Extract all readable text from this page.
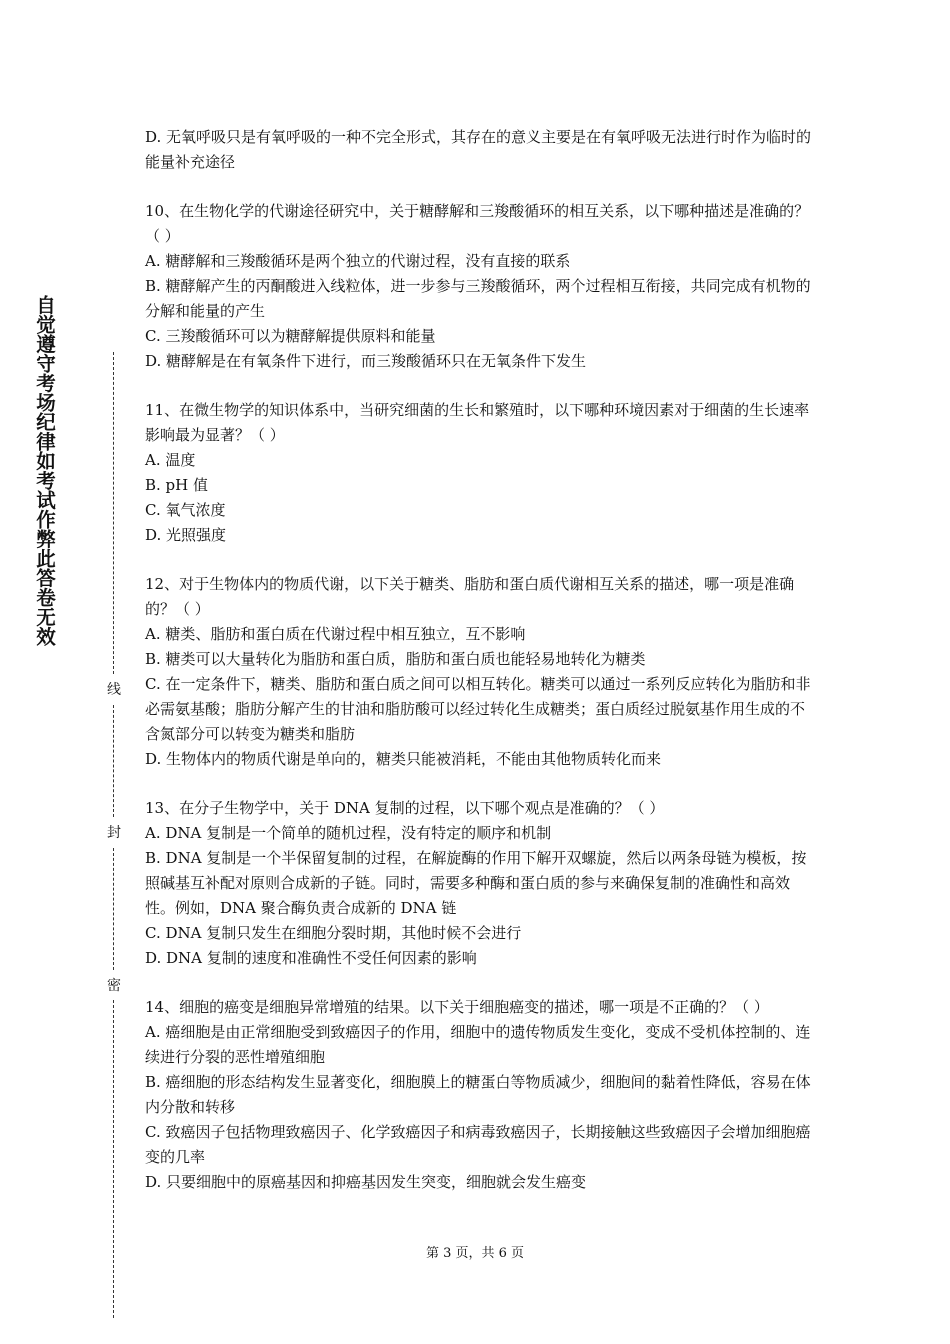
自觉遵守考场纪律如考试作弊此答卷无效
线
封
密

D. 无氧呼吸只是有氧呼吸的一种不完全形式，其存在的意义主要是在有氧呼吸无法进行时作为临时的能量补充途径

10、在生物化学的代谢途径研究中，关于糖酵解和三羧酸循环的相互关系，以下哪种描述是准确的？（ ）

A. 糖酵解和三羧酸循环是两个独立的代谢过程，没有直接的联系

B. 糖酵解产生的丙酮酸进入线粒体，进一步参与三羧酸循环，两个过程相互衔接，共同完成有机物的分解和能量的产生

C. 三羧酸循环可以为糖酵解提供原料和能量

D. 糖酵解是在有氧条件下进行，而三羧酸循环只在无氧条件下发生

11、在微生物学的知识体系中，当研究细菌的生长和繁殖时，以下哪种环境因素对于细菌的生长速率影响最为显著？（ ）

A. 温度

B. pH 值

C. 氧气浓度

D. 光照强度

12、对于生物体内的物质代谢，以下关于糖类、脂肪和蛋白质代谢相互关系的描述，哪一项是准确的？（ ）

A. 糖类、脂肪和蛋白质在代谢过程中相互独立，互不影响

B. 糖类可以大量转化为脂肪和蛋白质，脂肪和蛋白质也能轻易地转化为糖类

C. 在一定条件下，糖类、脂肪和蛋白质之间可以相互转化。糖类可以通过一系列反应转化为脂肪和非必需氨基酸；脂肪分解产生的甘油和脂肪酸可以经过转化生成糖类；蛋白质经过脱氨基作用生成的不含氮部分可以转变为糖类和脂肪

D. 生物体内的物质代谢是单向的，糖类只能被消耗，不能由其他物质转化而来

13、在分子生物学中，关于 DNA 复制的过程，以下哪个观点是准确的？（ ）

A. DNA 复制是一个简单的随机过程，没有特定的顺序和机制

B. DNA 复制是一个半保留复制的过程，在解旋酶的作用下解开双螺旋，然后以两条母链为模板，按照碱基互补配对原则合成新的子链。同时，需要多种酶和蛋白质的参与来确保复制的准确性和高效性。例如，DNA 聚合酶负责合成新的 DNA 链

C. DNA 复制只发生在细胞分裂时期，其他时候不会进行

D. DNA 复制的速度和准确性不受任何因素的影响

14、细胞的癌变是细胞异常增殖的结果。以下关于细胞癌变的描述，哪一项是不正确的？（ ）

A. 癌细胞是由正常细胞受到致癌因子的作用，细胞中的遗传物质发生变化，变成不受机体控制的、连续进行分裂的恶性增殖细胞

B. 癌细胞的形态结构发生显著变化，细胞膜上的糖蛋白等物质减少，细胞间的黏着性降低，容易在体内分散和转移

C. 致癌因子包括物理致癌因子、化学致癌因子和病毒致癌因子，长期接触这些致癌因子会增加细胞癌变的几率

D. 只要细胞中的原癌基因和抑癌基因发生突变，细胞就会发生癌变

第 3 页，共 6 页
